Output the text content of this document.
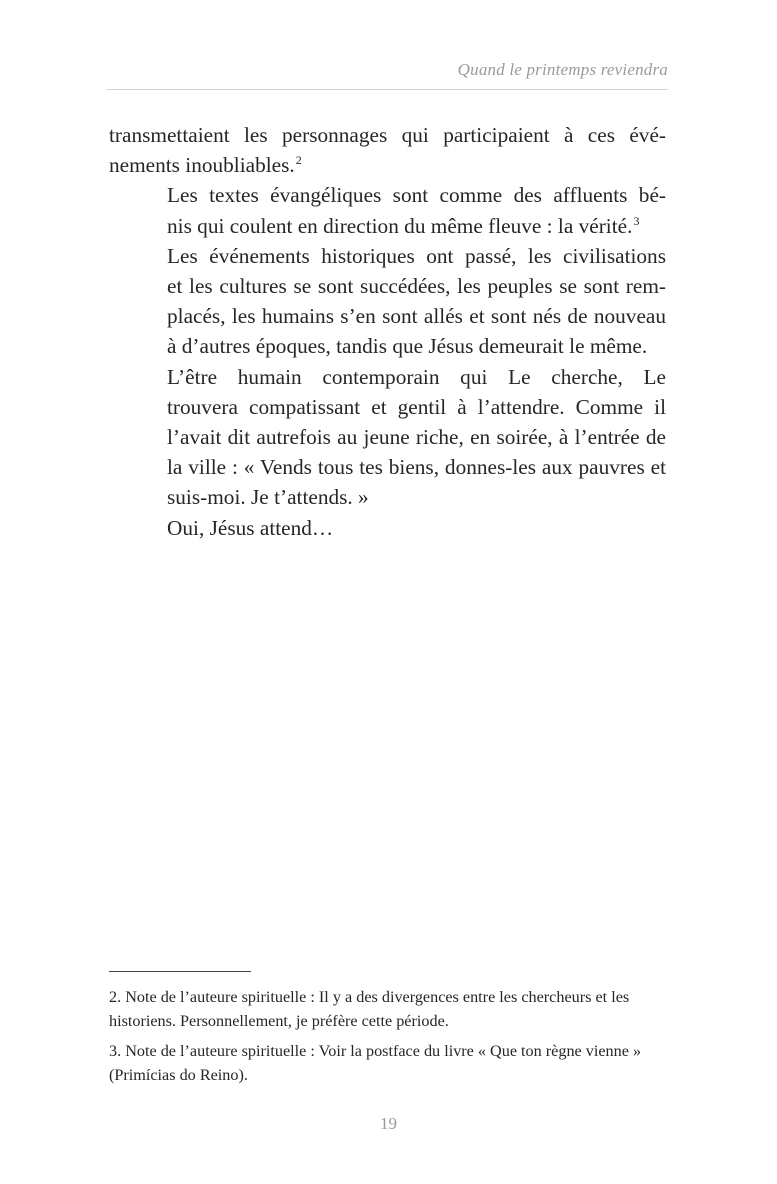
Quand le printemps reviendra

transmettaient les personnages qui participaient à ces évé-
nements inoubliables.$^2$

Les textes évangéliques sont comme des affluents bé-
nis qui coulent en direction du même fleuve : la vérité.$^3$

Les événements historiques ont passé, les civilisations
et les cultures se sont succédées, les peuples se sont rem-
placés, les humains s’en sont allés et sont nés de nouveau
à d’autres époques, tandis que Jésus demeurait le même.

L’être humain contemporain qui Le cherche, Le
trouvera compatissant et gentil à l’attendre. Comme il
l’avait dit autrefois au jeune riche, en soirée, à l’entrée de
la ville : « Vends tous tes biens, donnes-les aux pauvres et
suis-moi. Je t’attends. »

Oui, Jésus attend…

2. Note de l’auteure spirituelle : Il y a des divergences entre les chercheurs et les historiens. Personnellement, je préfère cette période.

3. Note de l’auteure spirituelle : Voir la postface du livre « Que ton règne vienne » (Primícias do Reino).

19
